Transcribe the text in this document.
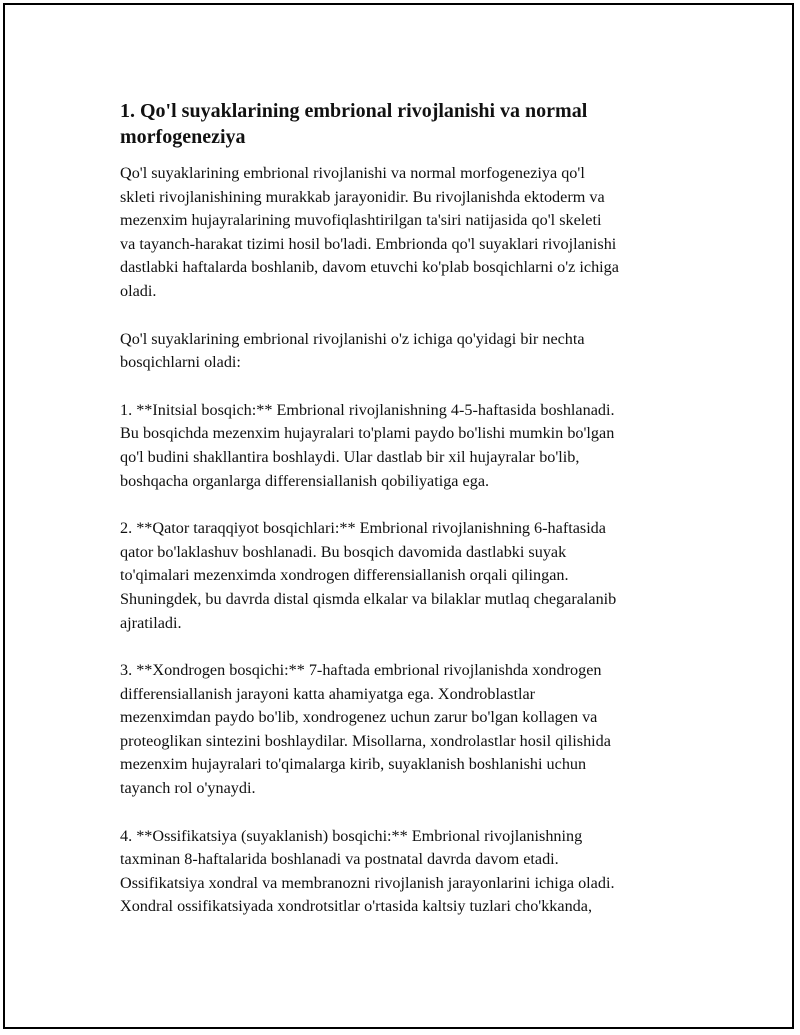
1. Qo'l suyaklarining embrional rivojlanishi va normal
morfogeneziya

Qo'l suyaklarining embrional rivojlanishi va normal morfogeneziya qo'l
skleti rivojlanishining murakkab jarayonidir. Bu rivojlanishda ektoderm va
mezenxim hujayralarining muvofiqlashtirilgan ta'siri natijasida qo'l skeleti
va tayanch-harakat tizimi hosil bo'ladi. Embrionda qo'l suyaklari rivojlanishi
dastlabki haftalarda boshlanib, davom etuvchi ko'plab bosqichlarni o'z ichiga
oladi.

Qo'l suyaklarining embrional rivojlanishi o'z ichiga qo'yidagi bir nechta
bosqichlarni oladi:

1. **Initsial bosqich:** Embrional rivojlanishning 4-5-haftasida boshlanadi.
Bu bosqichda mezenxim hujayralari to'plami paydo bo'lishi mumkin bo'lgan
qo'l budini shakllantira boshlaydi. Ular dastlab bir xil hujayralar bo'lib,
boshqacha organlarga differensiallanish qobiliyatiga ega.

2. **Qator taraqqiyot bosqichlari:** Embrional rivojlanishning 6-haftasida
qator bo'laklashuv boshlanadi. Bu bosqich davomida dastlabki suyak
to'qimalari mezenximda xondrogen differensiallanish orqali qilingan.
Shuningdek, bu davrda distal qismda elkalar va bilaklar mutlaq chegaralanib
ajratiladi.

3. **Xondrogen bosqichi:** 7-haftada embrional rivojlanishda xondrogen
differensiallanish jarayoni katta ahamiyatga ega. Xondroblastlar
mezenximdan paydo bo'lib, xondrogenez uchun zarur bo'lgan kollagen va
proteoglikan sintezini boshlaydilar. Misollarna, xondrolastlar hosil qilishida
mezenxim hujayralari to'qimalarga kirib, suyaklanish boshlanishi uchun
tayanch rol o'ynaydi.

4. **Ossifikatsiya (suyaklanish) bosqichi:** Embrional rivojlanishning
taxminan 8-haftalarida boshlanadi va postnatal davrda davom etadi.
Ossifikatsiya xondral va membranozni rivojlanish jarayonlarini ichiga oladi.
Xondral ossifikatsiyada xondrotsitlar o'rtasida kaltsiy tuzlari cho'kkanda,
